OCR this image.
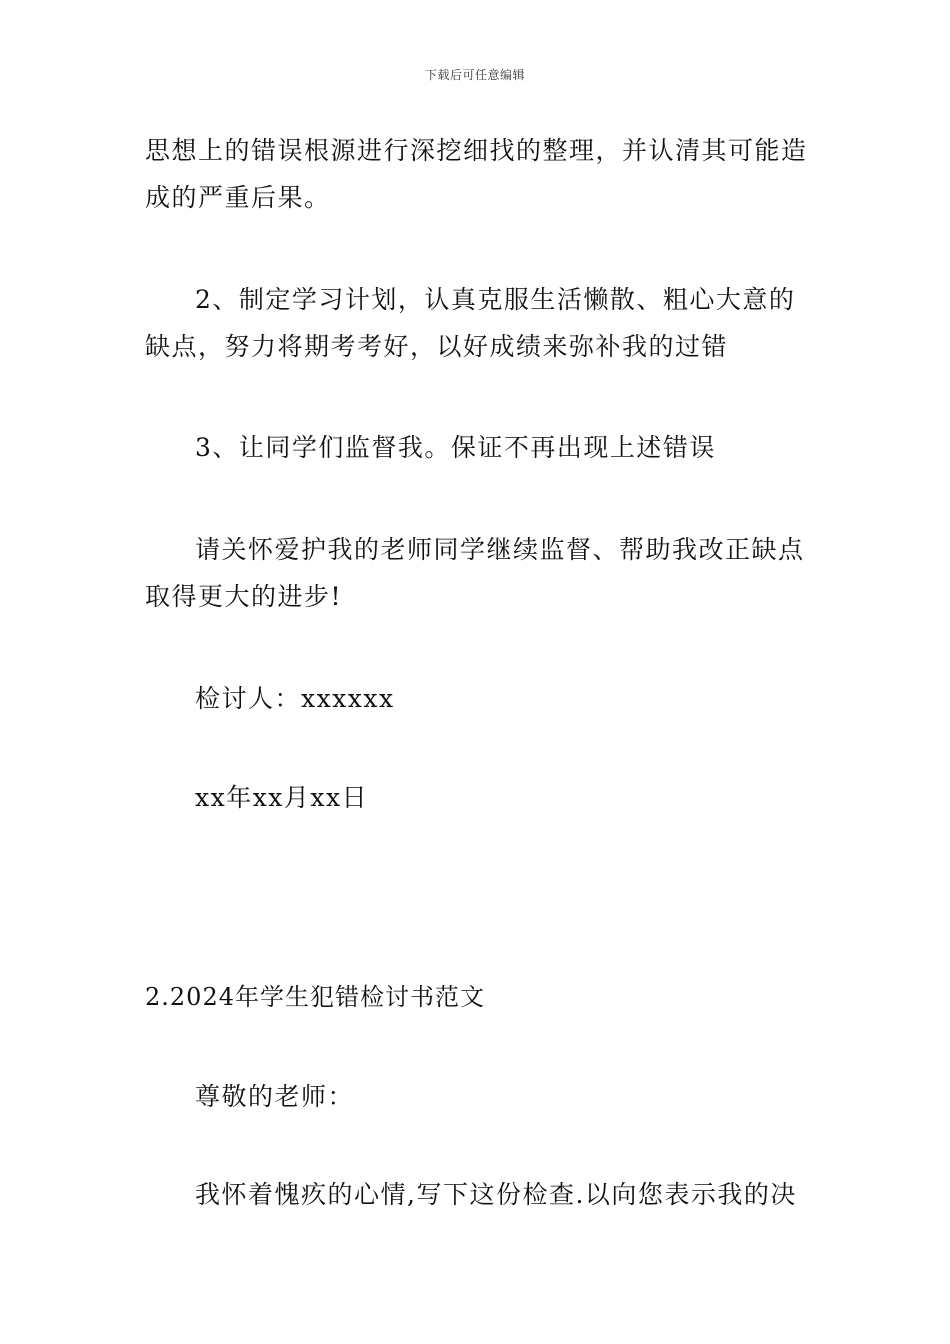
下载后可任意编辑

思想上的错误根源进行深挖细找的整理，并认清其可能造成的严重后果。

2、制定学习计划，认真克服生活懒散、粗心大意的缺点，努力将期考考好，以好成绩来弥补我的过错

3、让同学们监督我。保证不再出现上述错误

请关怀爱护我的老师同学继续监督、帮助我改正缺点取得更大的进步!

检讨人：xxxxxx

xx年xx月xx日

2.2024年学生犯错检讨书范文

尊敬的老师：

我怀着愧疚的心情,写下这份检查.以向您表示我的决
